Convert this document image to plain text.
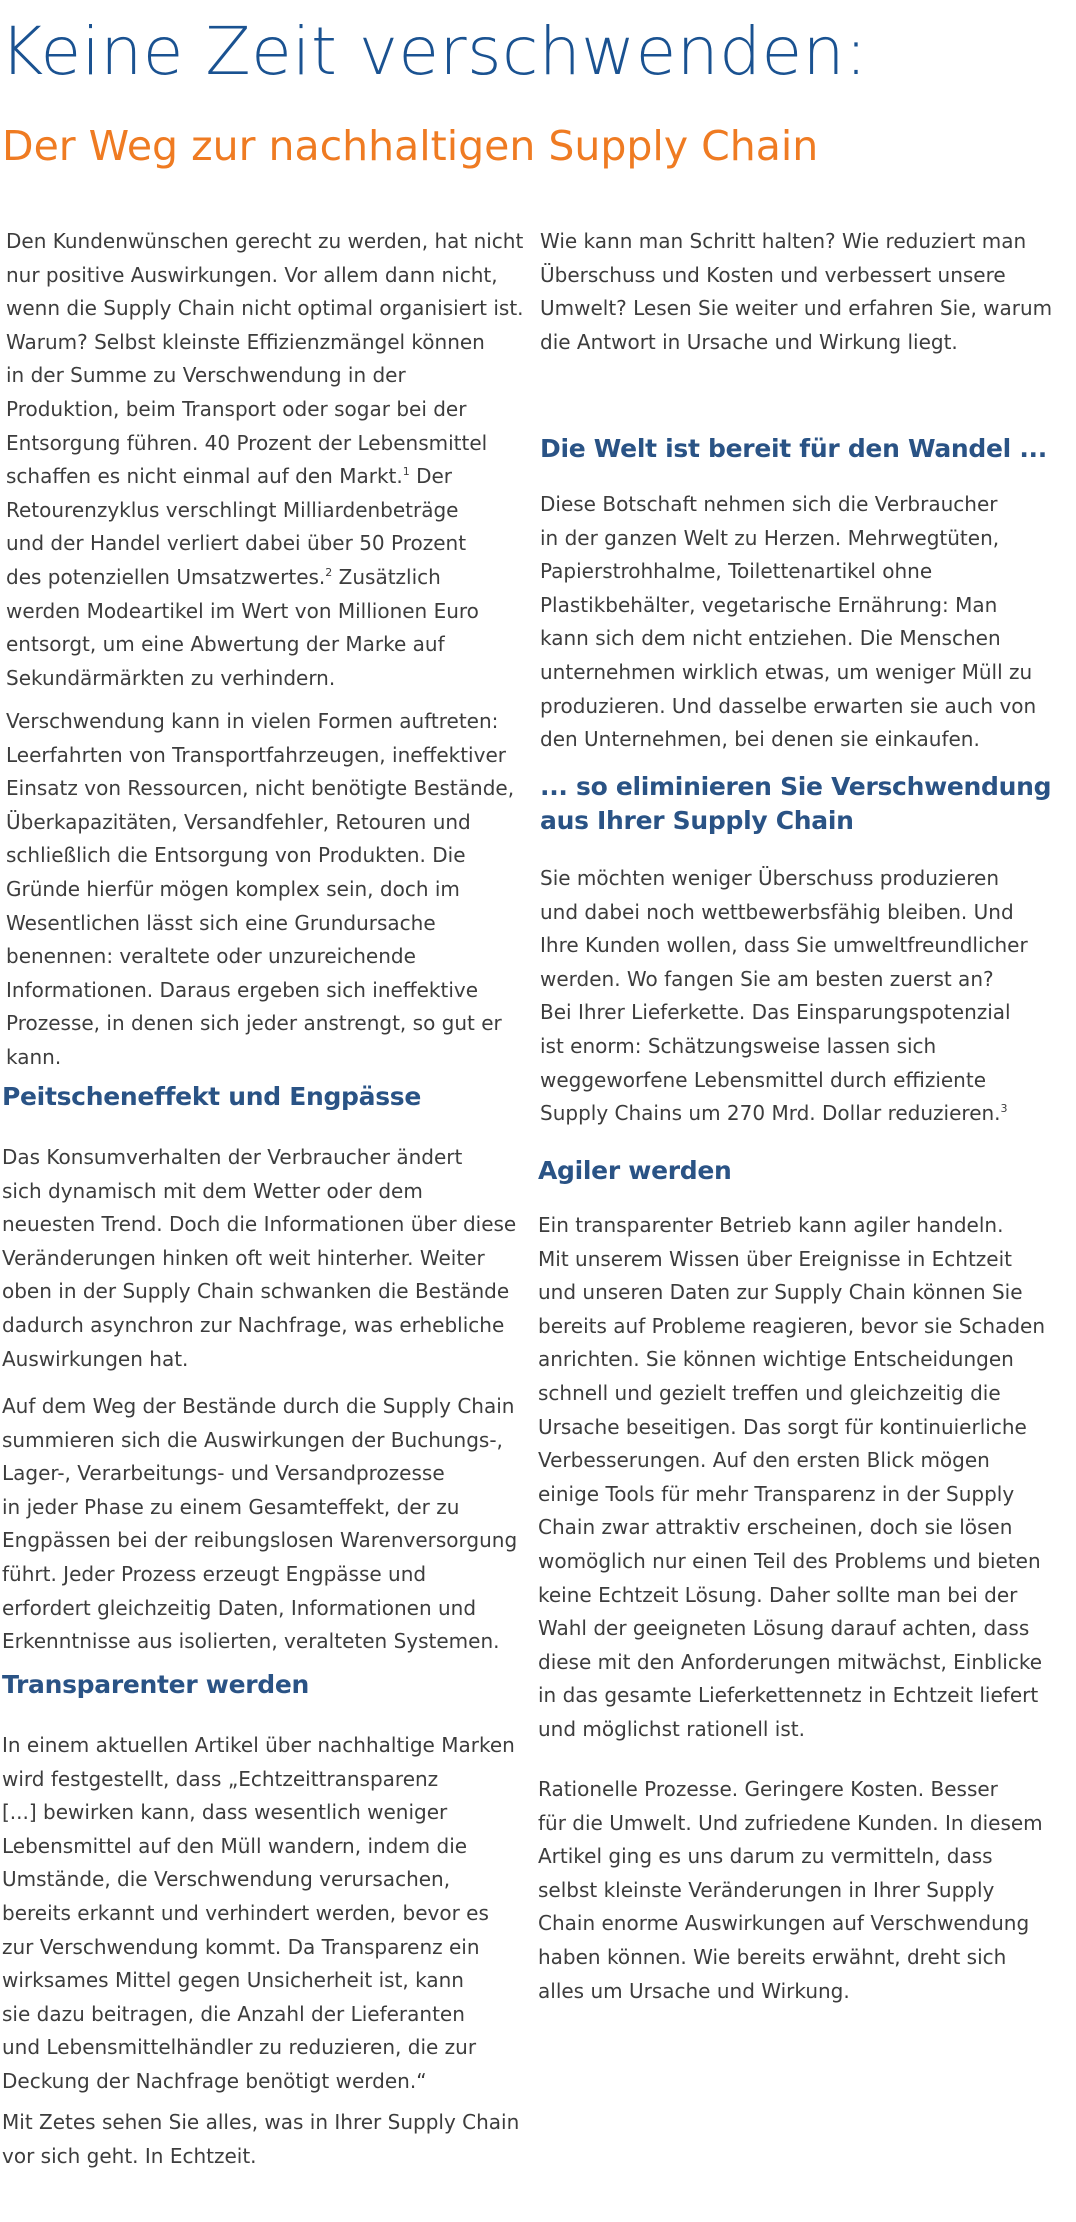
Keine Zeit verschwenden:
Der Weg zur nachhaltigen Supply Chain

Den Kundenwünschen gerecht zu werden, hat nicht
nur positive Auswirkungen. Vor allem dann nicht,
wenn die Supply Chain nicht optimal organisiert ist.
Warum? Selbst kleinste Effizienzmängel können
in der Summe zu Verschwendung in der
Produktion, beim Transport oder sogar bei der
Entsorgung führen. 40 Prozent der Lebensmittel
schaffen es nicht einmal auf den Markt.$^1$ Der
Retourenzyklus verschlingt Milliardenbeträge
und der Handel verliert dabei über 50 Prozent
des potenziellen Umsatzwertes.$^2$ Zusätzlich
werden Modeartikel im Wert von Millionen Euro
entsorgt, um eine Abwertung der Marke auf
Sekundärmärkten zu verhindern.

Verschwendung kann in vielen Formen auftreten:
Leerfahrten von Transportfahrzeugen, ineffektiver
Einsatz von Ressourcen, nicht benötigte Bestände,
Überkapazitäten, Versandfehler, Retouren und
schließlich die Entsorgung von Produkten. Die
Gründe hierfür mögen komplex sein, doch im
Wesentlichen lässt sich eine Grundursache
benennen: veraltete oder unzureichende
Informationen. Daraus ergeben sich ineffektive
Prozesse, in denen sich jeder anstrengt, so gut er
kann.

Peitscheneffekt und Engpässe

Das Konsumverhalten der Verbraucher ändert
sich dynamisch mit dem Wetter oder dem
neuesten Trend. Doch die Informationen über diese
Veränderungen hinken oft weit hinterher. Weiter
oben in der Supply Chain schwanken die Bestände
dadurch asynchron zur Nachfrage, was erhebliche
Auswirkungen hat.

Auf dem Weg der Bestände durch die Supply Chain
summieren sich die Auswirkungen der Buchungs-,
Lager-, Verarbeitungs- und Versandprozesse
in jeder Phase zu einem Gesamteffekt, der zu
Engpässen bei der reibungslosen Warenversorgung
führt. Jeder Prozess erzeugt Engpässe und
erfordert gleichzeitig Daten, Informationen und
Erkenntnisse aus isolierten, veralteten Systemen.

Transparenter werden

In einem aktuellen Artikel über nachhaltige Marken
wird festgestellt, dass „Echtzeittransparenz
[...] bewirken kann, dass wesentlich weniger
Lebensmittel auf den Müll wandern, indem die
Umstände, die Verschwendung verursachen,
bereits erkannt und verhindert werden, bevor es
zur Verschwendung kommt. Da Transparenz ein
wirksames Mittel gegen Unsicherheit ist, kann
sie dazu beitragen, die Anzahl der Lieferanten
und Lebensmittelhändler zu reduzieren, die zur
Deckung der Nachfrage benötigt werden.“

Mit Zetes sehen Sie alles, was in Ihrer Supply Chain
vor sich geht. In Echtzeit.

Wie kann man Schritt halten? Wie reduziert man
Überschuss und Kosten und verbessert unsere
Umwelt? Lesen Sie weiter und erfahren Sie, warum
die Antwort in Ursache und Wirkung liegt.

Die Welt ist bereit für den Wandel ...

Diese Botschaft nehmen sich die Verbraucher
in der ganzen Welt zu Herzen. Mehrwegtüten,
Papierstrohhalme, Toilettenartikel ohne
Plastikbehälter, vegetarische Ernährung: Man
kann sich dem nicht entziehen. Die Menschen
unternehmen wirklich etwas, um weniger Müll zu
produzieren. Und dasselbe erwarten sie auch von
den Unternehmen, bei denen sie einkaufen.

... so eliminieren Sie Verschwendung
aus Ihrer Supply Chain

Sie möchten weniger Überschuss produzieren
und dabei noch wettbewerbsfähig bleiben. Und
Ihre Kunden wollen, dass Sie umweltfreundlicher
werden. Wo fangen Sie am besten zuerst an?
Bei Ihrer Lieferkette. Das Einsparungspotenzial
ist enorm: Schätzungsweise lassen sich
weggeworfene Lebensmittel durch effiziente
Supply Chains um 270 Mrd. Dollar reduzieren.$^3$

Agiler werden

Ein transparenter Betrieb kann agiler handeln.
Mit unserem Wissen über Ereignisse in Echtzeit
und unseren Daten zur Supply Chain können Sie
bereits auf Probleme reagieren, bevor sie Schaden
anrichten. Sie können wichtige Entscheidungen
schnell und gezielt treffen und gleichzeitig die
Ursache beseitigen. Das sorgt für kontinuierliche
Verbesserungen. Auf den ersten Blick mögen
einige Tools für mehr Transparenz in der Supply
Chain zwar attraktiv erscheinen, doch sie lösen
womöglich nur einen Teil des Problems und bieten
keine Echtzeit Lösung. Daher sollte man bei der
Wahl der geeigneten Lösung darauf achten, dass
diese mit den Anforderungen mitwächst, Einblicke
in das gesamte Lieferkettennetz in Echtzeit liefert
und möglichst rationell ist.

Rationelle Prozesse. Geringere Kosten. Besser
für die Umwelt. Und zufriedene Kunden. In diesem
Artikel ging es uns darum zu vermitteln, dass
selbst kleinste Veränderungen in Ihrer Supply
Chain enorme Auswirkungen auf Verschwendung
haben können. Wie bereits erwähnt, dreht sich
alles um Ursache und Wirkung.
